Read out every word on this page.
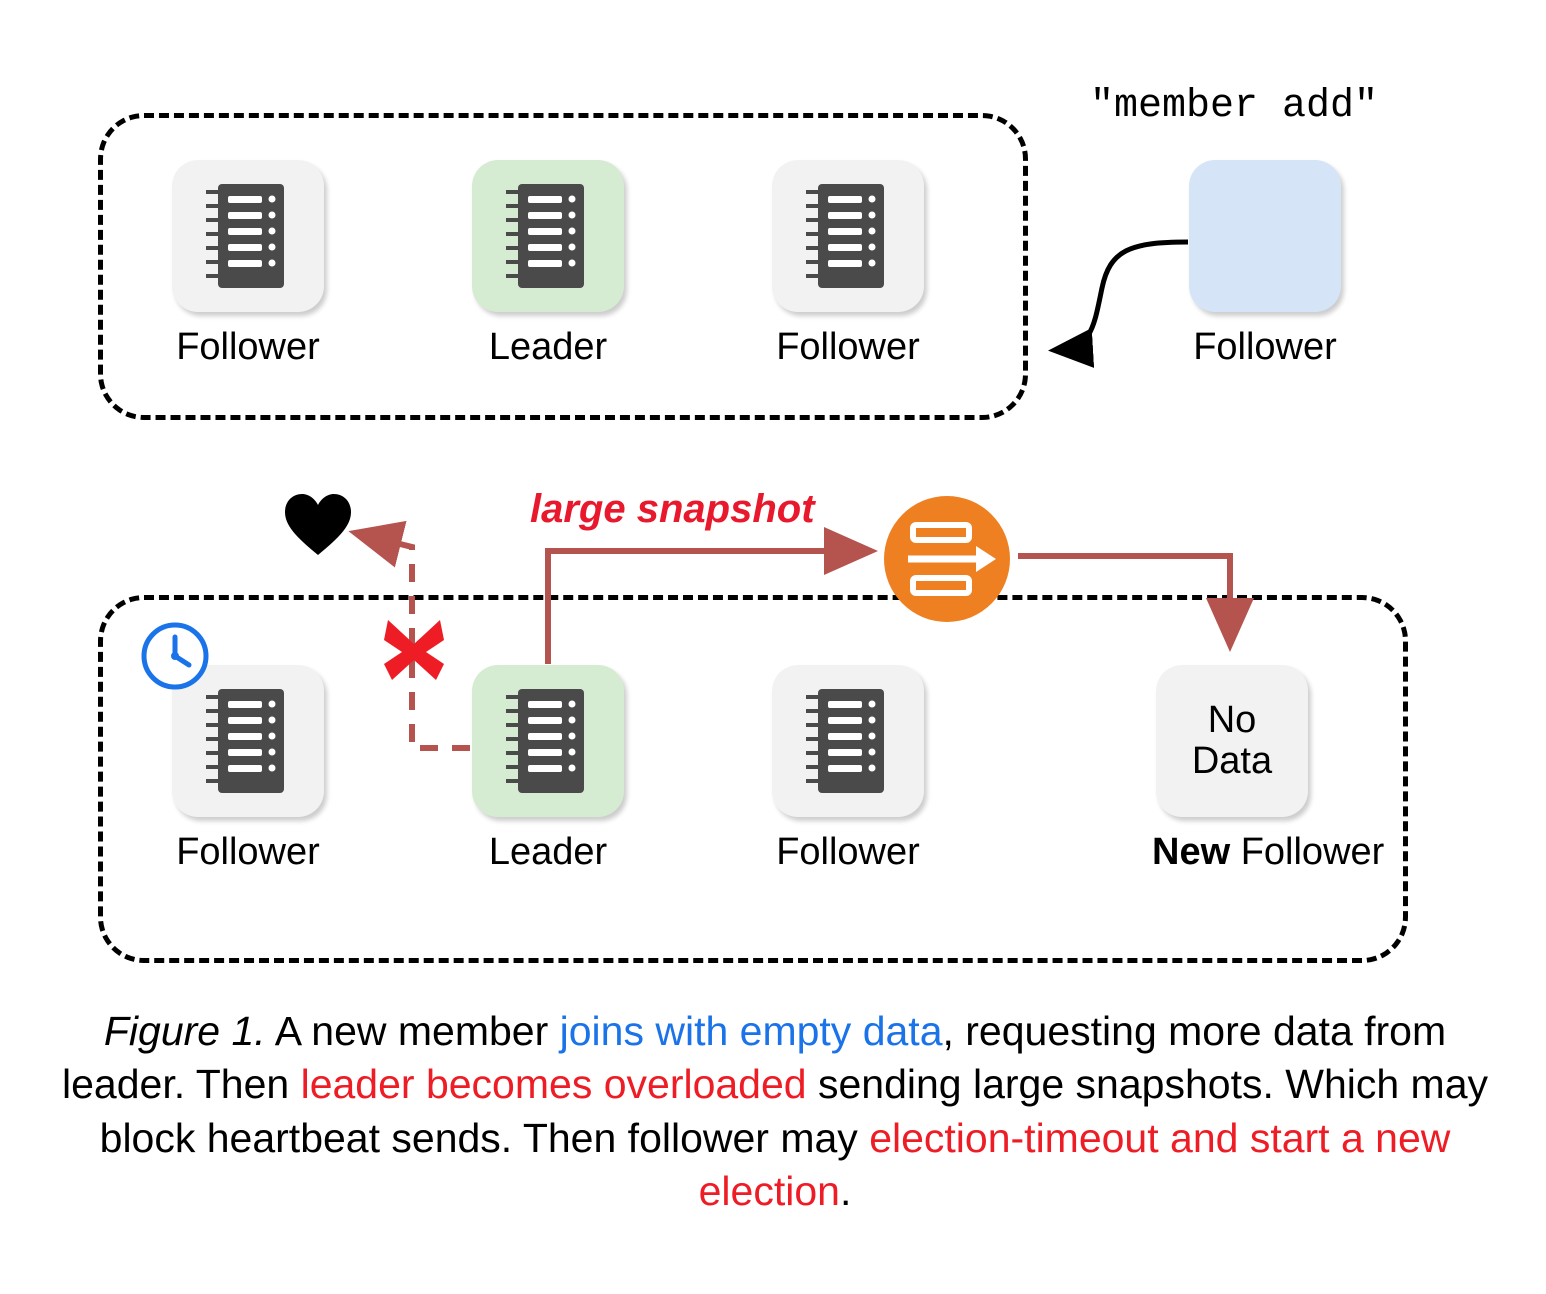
"member add"
large snapshot
Follower	Leader	Follower	Follower
Follower	Leader	Follower
No
Data
New Follower
Figure 1. A new member joins with empty data, requesting more data from leader. Then leader becomes overloaded sending large snapshots. Which may block heartbeat sends. Then follower may election-timeout and start a new election.
